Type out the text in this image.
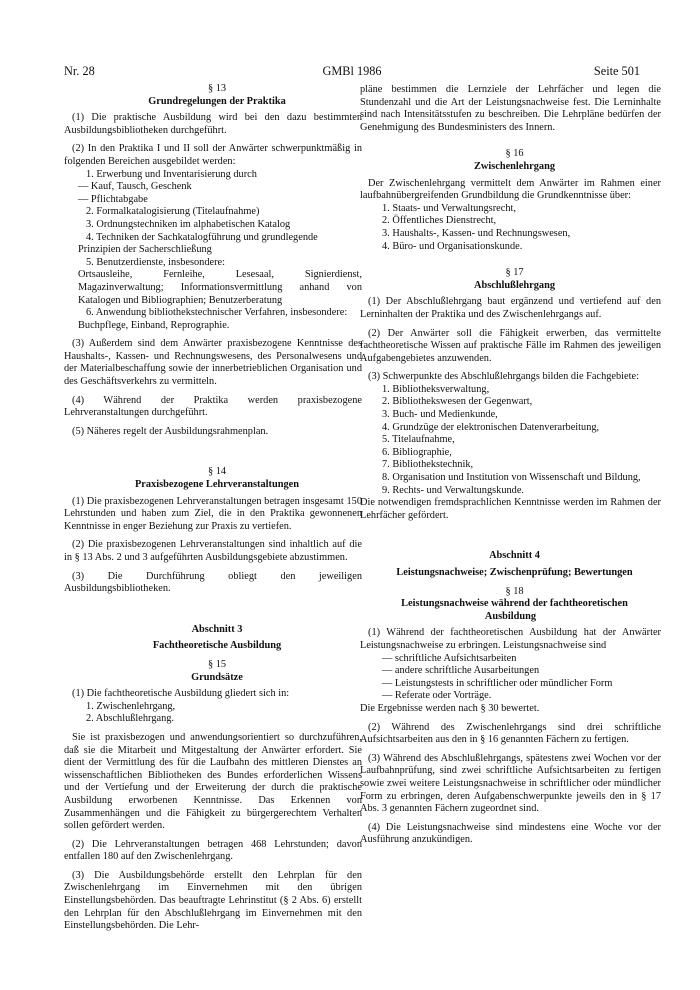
Nr. 28	GMBl 1986	Seite 501

§ 13

Grundregelungen der Praktika

(1) Die praktische Ausbildung wird bei den dazu bestimmten Ausbildungsbibliotheken durchgeführt.

(2) In den Praktika I und II soll der Anwärter schwerpunktmäßig in folgenden Bereichen ausgebildet werden:

1. Erwerbung und Inventarisierung durch

— Kauf, Tausch, Geschenk

— Pflichtabgabe

2. Formalkatalogisierung (Titelaufnahme)

3. Ordnungstechniken im alphabetischen Katalog

4. Techniken der Sachkatalogführung und grundlegende Prinzipien der Sacherschließung

5. Benutzerdienste, insbesondere:

Ortsausleihe, Fernleihe, Lesesaal, Signierdienst, Magazinverwaltung; Informationsvermittlung anhand von Katalogen und Bibliographien; Benutzerberatung

6. Anwendung bibliothekstechnischer Verfahren, insbesondere:

Buchpflege, Einband, Reprographie.

(3) Außerdem sind dem Anwärter praxisbezogene Kenntnisse des Haushalts-, Kassen- und Rechnungswesens, des Personalwesens und der Materialbeschaffung sowie der innerbetrieblichen Organisation und des Geschäftsverkehrs zu vermitteln.

(4) Während der Praktika werden praxisbezogene Lehrveranstaltungen durchgeführt.

(5) Näheres regelt der Ausbildungsrahmenplan.

§ 14

Praxisbezogene Lehrveranstaltungen

(1) Die praxisbezogenen Lehrveranstaltungen betragen insgesamt 150 Lehrstunden und haben zum Ziel, die in den Praktika gewonnenen Kenntnisse in enger Beziehung zur Praxis zu vertiefen.

(2) Die praxisbezogenen Lehrveranstaltungen sind inhaltlich auf die in § 13 Abs. 2 und 3 aufgeführten Ausbildungsgebiete abzustimmen.

(3) Die Durchführung obliegt den jeweiligen Ausbildungsbibliotheken.

Abschnitt 3

Fachtheoretische Ausbildung

§ 15

Grundsätze

(1) Die fachtheoretische Ausbildung gliedert sich in:

1. Zwischenlehrgang,

2. Abschlußlehrgang.

Sie ist praxisbezogen und anwendungsorientiert so durchzuführen, daß sie die Mitarbeit und Mitgestaltung der Anwärter erfordert. Sie dient der Vermittlung des für die Laufbahn des mittleren Dienstes an wissenschaftlichen Bibliotheken des Bundes erforderlichen Wissens und der Vertiefung und der Erweiterung der durch die praktische Ausbildung erworbenen Kenntnisse. Das Erkennen von Zusammenhängen und die Fähigkeit zu bürgergerechtem Verhalten sollen gefördert werden.

(2) Die Lehrveranstaltungen betragen 468 Lehrstunden; davon entfallen 180 auf den Zwischenlehrgang.

(3) Die Ausbildungsbehörde erstellt den Lehrplan für den Zwischenlehrgang im Einvernehmen mit den übrigen Einstellungsbehörden. Das beauftragte Lehrinstitut (§ 2 Abs. 6) erstellt den Lehrplan für den Abschlußlehrgang im Einvernehmen mit den Einstellungsbehörden. Die Lehr-

pläne bestimmen die Lernziele der Lehrfächer und legen die Stundenzahl und die Art der Leistungsnachweise fest. Die Lerninhalte sind nach Intensitätsstufen zu beschreiben. Die Lehrpläne bedürfen der Genehmigung des Bundesministers des Innern.

§ 16

Zwischenlehrgang

Der Zwischenlehrgang vermittelt dem Anwärter im Rahmen einer laufbahnübergreifenden Grundbildung die Grundkenntnisse über:

1. Staats- und Verwaltungsrecht,

2. Öffentliches Dienstrecht,

3. Haushalts-, Kassen- und Rechnungswesen,

4. Büro- und Organisationskunde.

§ 17

Abschlußlehrgang

(1) Der Abschlußlehrgang baut ergänzend und vertiefend auf den Lerninhalten der Praktika und des Zwischenlehrgangs auf.

(2) Der Anwärter soll die Fähigkeit erwerben, das vermittelte fachtheoretische Wissen auf praktische Fälle im Rahmen des jeweiligen Aufgabengebietes anzuwenden.

(3) Schwerpunkte des Abschlußlehrgangs bilden die Fachgebiete:

1. Bibliotheksverwaltung,

2. Bibliothekswesen der Gegenwart,

3. Buch- und Medienkunde,

4. Grundzüge der elektronischen Datenverarbeitung,

5. Titelaufnahme,

6. Bibliographie,

7. Bibliothekstechnik,

8. Organisation und Institution von Wissenschaft und Bildung,

9. Rechts- und Verwaltungskunde.

Die notwendigen fremdsprachlichen Kenntnisse werden im Rahmen der Lehrfächer gefördert.

Abschnitt 4

Leistungsnachweise; Zwischenprüfung; Bewertungen

§ 18

Leistungsnachweise während der fachtheoretischen Ausbildung

(1) Während der fachtheoretischen Ausbildung hat der Anwärter Leistungsnachweise zu erbringen. Leistungsnachweise sind

— schriftliche Aufsichtsarbeiten

— andere schriftliche Ausarbeitungen

— Leistungstests in schriftlicher oder mündlicher Form

— Referate oder Vorträge.

Die Ergebnisse werden nach § 30 bewertet.

(2) Während des Zwischenlehrgangs sind drei schriftliche Aufsichtsarbeiten aus den in § 16 genannten Fächern zu fertigen.

(3) Während des Abschlußlehrgangs, spätestens zwei Wochen vor der Laufbahnprüfung, sind zwei schriftliche Aufsichtsarbeiten zu fertigen sowie zwei weitere Leistungsnachweise in schriftlicher oder mündlicher Form zu erbringen, deren Aufgabenschwerpunkte jeweils den in § 17 Abs. 3 genannten Fächern zugeordnet sind.

(4) Die Leistungsnachweise sind mindestens eine Woche vor der Ausführung anzukündigen.
